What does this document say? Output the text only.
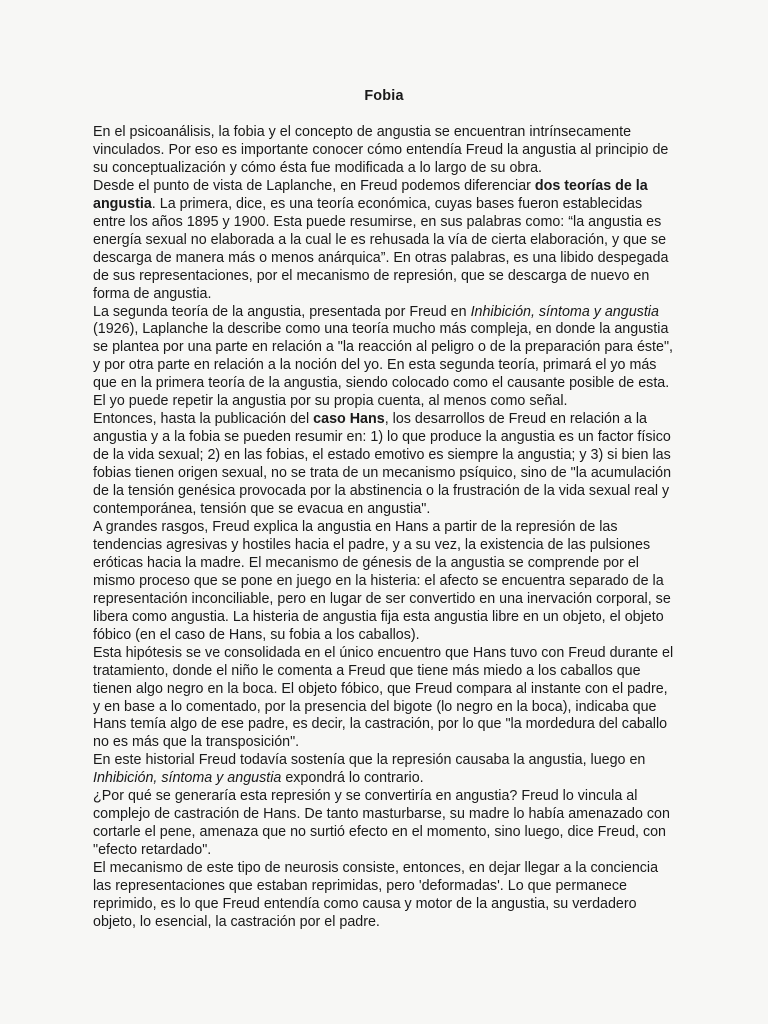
Fobia

En el psicoanálisis, la fobia y el concepto de angustia se encuentran intrínsecamente vinculados. Por eso es importante conocer cómo entendía Freud la angustia al principio de su conceptualización y cómo ésta fue modificada a lo largo de su obra.

Desde el punto de vista de Laplanche, en Freud podemos diferenciar dos teorías de la angustia. La primera, dice, es una teoría económica, cuyas bases fueron establecidas entre los años 1895 y 1900. Esta puede resumirse, en sus palabras como: “la angustia es energía sexual no elaborada a la cual le es rehusada la vía de cierta elaboración, y que se descarga de manera más o menos anárquica”. En otras palabras, es una libido despegada de sus representaciones, por el mecanismo de represión, que se descarga de nuevo en forma de angustia.

La segunda teoría de la angustia, presentada por Freud en Inhibición, síntoma y angustia (1926), Laplanche la describe como una teoría mucho más compleja, en donde la angustia se plantea por una parte en relación a "la reacción al peligro o de la preparación para éste", y por otra parte en relación a la noción del yo. En esta segunda teoría, primará el yo más que en la primera teoría de la angustia, siendo colocado como el causante posible de esta. El yo puede repetir la angustia por su propia cuenta, al menos como señal.

Entonces, hasta la publicación del caso Hans, los desarrollos de Freud en relación a la angustia y a la fobia se pueden resumir en: 1) lo que produce la angustia es un factor físico de la vida sexual; 2) en las fobias, el estado emotivo es siempre la angustia; y 3) si bien las fobias tienen origen sexual, no se trata de un mecanismo psíquico, sino de "la acumulación de la tensión genésica provocada por la abstinencia o la frustración de la vida sexual real y contemporánea, tensión que se evacua en angustia".

A grandes rasgos, Freud explica la angustia en Hans a partir de la represión de las tendencias agresivas y hostiles hacia el padre, y a su vez, la existencia de las pulsiones eróticas hacia la madre. El mecanismo de génesis de la angustia se comprende por el mismo proceso que se pone en juego en la histeria: el afecto se encuentra separado de la representación inconciliable, pero en lugar de ser convertido en una inervación corporal, se libera como angustia. La histeria de angustia fija esta angustia libre en un objeto, el objeto fóbico (en el caso de Hans, su fobia a los caballos).

Esta hipótesis se ve consolidada en el único encuentro que Hans tuvo con Freud durante el tratamiento, donde el niño le comenta a Freud que tiene más miedo a los caballos que tienen algo negro en la boca. El objeto fóbico, que Freud compara al instante con el padre, y en base a lo comentado, por la presencia del bigote (lo negro en la boca), indicaba que Hans temía algo de ese padre, es decir, la castración, por lo que "la mordedura del caballo no es más que la transposición".

En este historial Freud todavía sostenía que la represión causaba la angustia, luego en Inhibición, síntoma y angustia expondrá lo contrario.

¿Por qué se generaría esta represión y se convertiría en angustia? Freud lo vincula al complejo de castración de Hans. De tanto masturbarse, su madre lo había amenazado con cortarle el pene, amenaza que no surtió efecto en el momento, sino luego, dice Freud, con "efecto retardado".

El mecanismo de este tipo de neurosis consiste, entonces, en dejar llegar a la conciencia las representaciones que estaban reprimidas, pero 'deformadas'. Lo que permanece reprimido, es lo que Freud entendía como causa y motor de la angustia, su verdadero objeto, lo esencial, la castración por el padre.
